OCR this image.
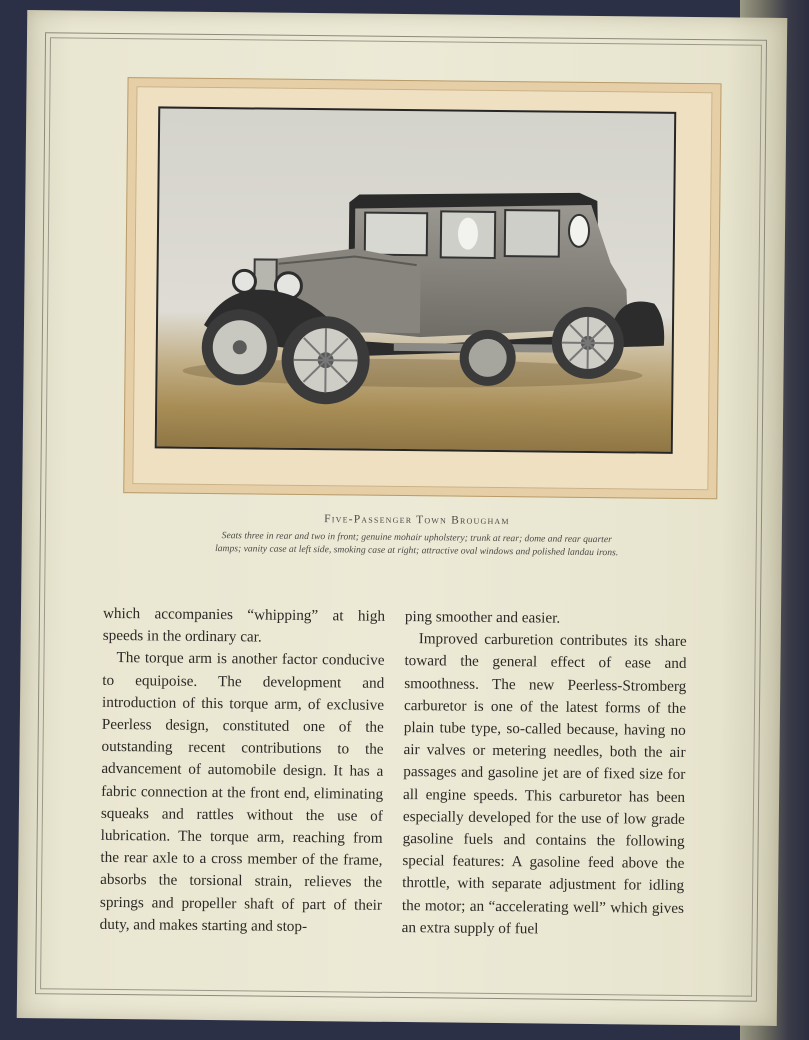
Five-Passenger Town Brougham
Seats three in rear and two in front; genuine mohair upholstery; trunk at rear; dome and rear quarter lamps; vanity case at left side, smoking case at right; attractive oval windows and polished landau irons.

which accompanies “whipping” at high speeds in the ordinary car.

The torque arm is another factor conducive to equipoise. The development and introduction of this torque arm, of exclusive Peerless design, constituted one of the outstanding recent contributions to the advancement of automobile design. It has a fabric connection at the front end, eliminating squeaks and rattles without the use of lubrication. The torque arm, reaching from the rear axle to a cross member of the frame, absorbs the torsional strain, relieves the springs and propeller shaft of part of their duty, and makes starting and stop-

ping smoother and easier.

Improved carburetion contributes its share toward the general effect of ease and smoothness. The new Peerless-Stromberg carburetor is one of the latest forms of the plain tube type, so-called because, having no air valves or metering needles, both the air passages and gasoline jet are of fixed size for all engine speeds. This carburetor has been especially developed for the use of low grade gasoline fuels and contains the following special features: A gasoline feed above the throttle, with separate adjustment for idling the motor; an “accelerating well” which gives an extra supply of fuel
